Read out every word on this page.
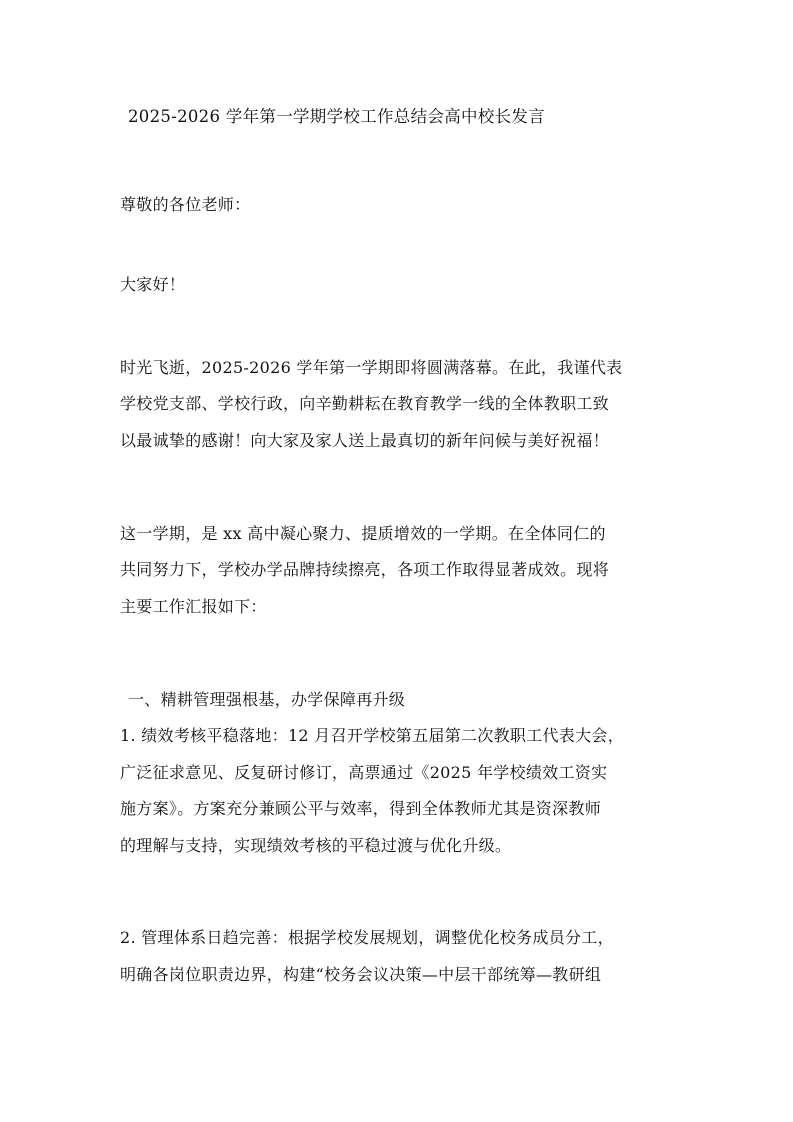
2025-2026 学年第一学期学校工作总结会高中校长发言
尊敬的各位老师：
大家好！
时光飞逝，2025-2026 学年第一学期即将圆满落幕。在此，我谨代表
学校党支部、学校行政，向辛勤耕耘在教育教学一线的全体教职工致
以最诚挚的感谢！向大家及家人送上最真切的新年问候与美好祝福！
这一学期，是 xx 高中凝心聚力、提质增效的一学期。在全体同仁的
共同努力下，学校办学品牌持续擦亮，各项工作取得显著成效。现将
主要工作汇报如下：
一、精耕管理强根基，办学保障再升级
1. 绩效考核平稳落地：12 月召开学校第五届第二次教职工代表大会，
广泛征求意见、反复研讨修订，高票通过《2025 年学校绩效工资实
施方案》。方案充分兼顾公平与效率，得到全体教师尤其是资深教师
的理解与支持，实现绩效考核的平稳过渡与优化升级。
2. 管理体系日趋完善：根据学校发展规划，调整优化校务成员分工，
明确各岗位职责边界，构建“校务会议决策—中层干部统筹—教研组
